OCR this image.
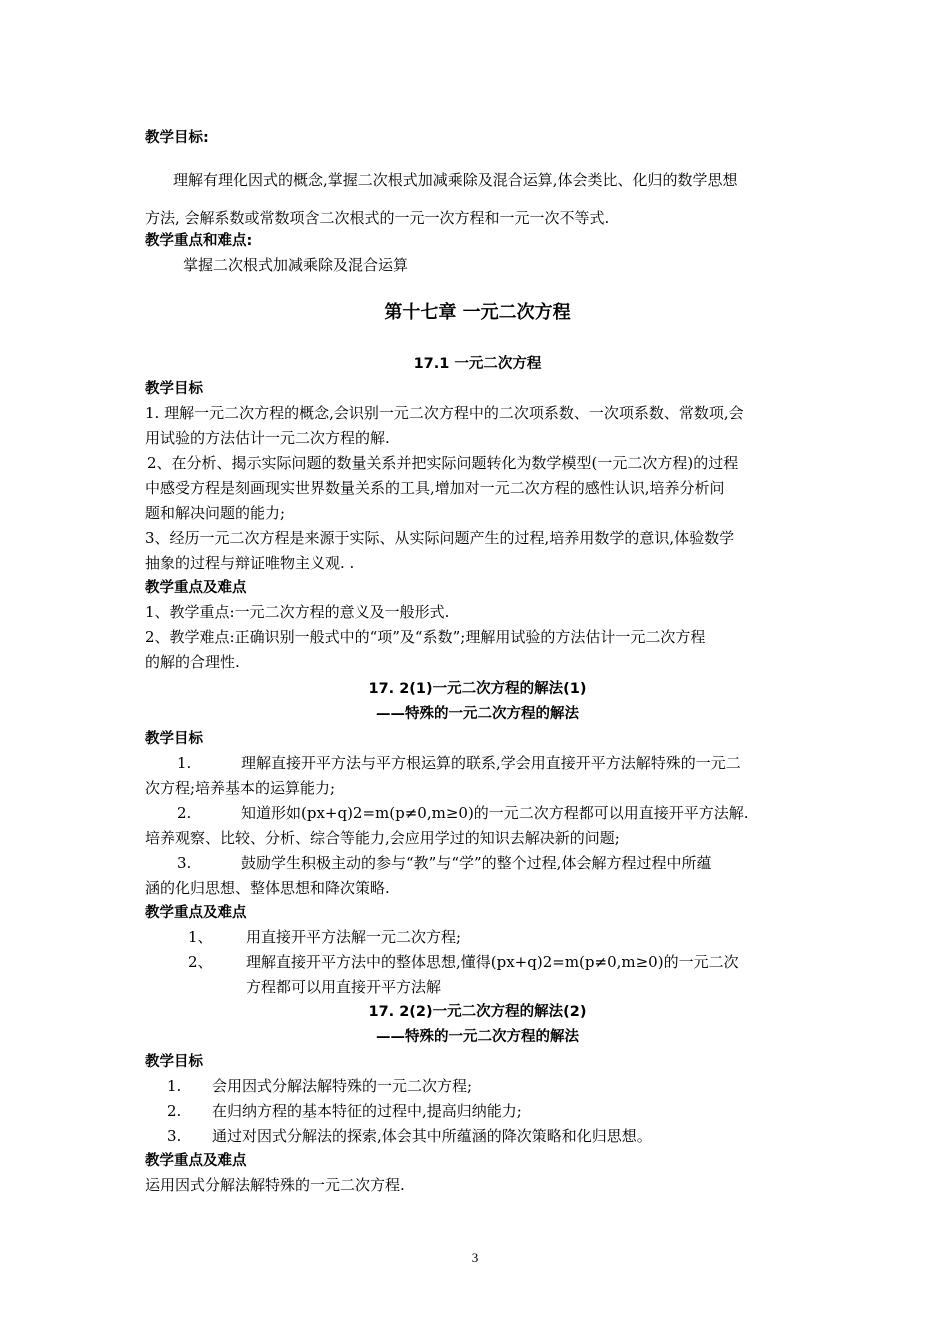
教学目标:
理解有理化因式的概念,掌握二次根式加减乘除及混合运算,体会类比、化归的数学思想
方法, 会解系数或常数项含二次根式的一元一次方程和一元一次不等式.
教学重点和难点:
掌握二次根式加减乘除及混合运算
第十七章 一元二次方程
17.1 一元二次方程
教学目标
1. 理解一元二次方程的概念,会识别一元二次方程中的二次项系数、一次项系数、常数项,会
用试验的方法估计一元二次方程的解.
2、在分析、揭示实际问题的数量关系并把实际问题转化为数学模型(一元二次方程)的过程
中感受方程是刻画现实世界数量关系的工具,增加对一元二次方程的感性认识,培养分析问
题和解决问题的能力;
3、经历一元二次方程是来源于实际、从实际问题产生的过程,培养用数学的意识,体验数学
抽象的过程与辩证唯物主义观. .
教学重点及难点
1、教学重点:一元二次方程的意义及一般形式.
2、教学难点:正确识别一般式中的“项”及“系数”;理解用试验的方法估计一元二次方程
的解的合理性.
17. 2(1)一元二次方程的解法(1)
——特殊的一元二次方程的解法
教学目标
1.	理解直接开平方法与平方根运算的联系,学会用直接开平方法解特殊的一元二
次方程;培养基本的运算能力;
2.	知道形如(px+q)2=m(p≠0,m≥0)的一元二次方程都可以用直接开平方法解.
培养观察、比较、分析、综合等能力,会应用学过的知识去解决新的问题;
3.	鼓励学生积极主动的参与“教”与“学”的整个过程,体会解方程过程中所蕴
涵的化归思想、整体思想和降次策略.
教学重点及难点
1、 用直接开平方法解一元二次方程;
2、 理解直接开平方法中的整体思想,懂得(px+q)2=m(p≠0,m≥0)的一元二次
方程都可以用直接开平方法解
17. 2(2)一元二次方程的解法(2)
——特殊的一元二次方程的解法
教学目标
1. 会用因式分解法解特殊的一元二次方程;
2. 在归纳方程的基本特征的过程中,提高归纳能力;
3. 通过对因式分解法的探索,体会其中所蕴涵的降次策略和化归思想。
教学重点及难点
运用因式分解法解特殊的一元二次方程.
3
